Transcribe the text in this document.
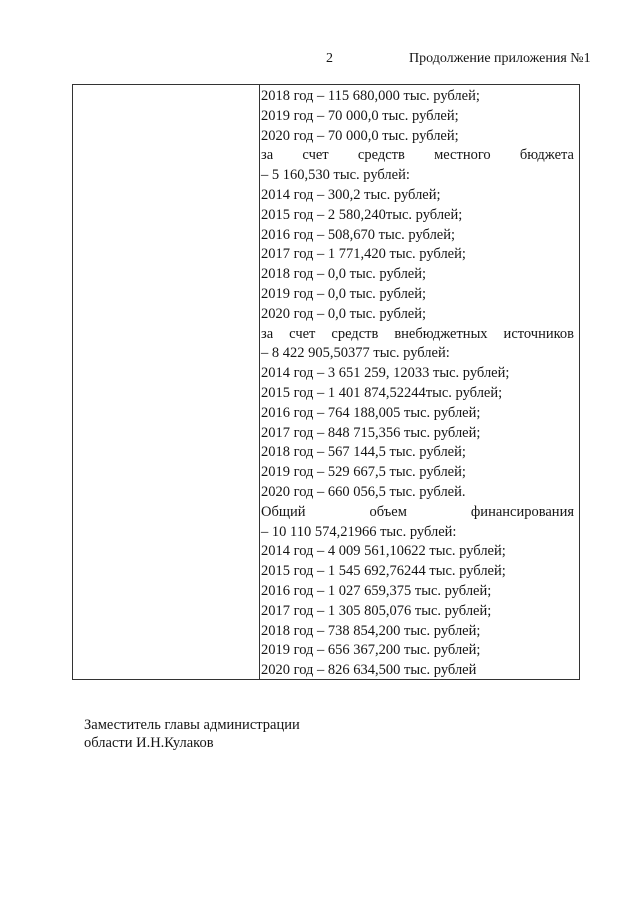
2	Продолжение приложения №1
2018 год – 115 680,000 тыс. рублей;
2019 год – 70 000,0 тыс. рублей;
2020 год – 70 000,0 тыс. рублей;
за счет средств местного бюджета
– 5 160,530 тыс. рублей:
2014 год – 300,2 тыс. рублей;
2015 год – 2 580,240тыс. рублей;
2016 год – 508,670 тыс. рублей;
2017 год – 1 771,420 тыс. рублей;
2018 год – 0,0 тыс. рублей;
2019 год – 0,0 тыс. рублей;
2020 год – 0,0 тыс. рублей;
за счет средств внебюджетных источников
– 8 422 905,50377 тыс. рублей:
2014 год – 3 651 259, 12033 тыс. рублей;
2015 год – 1 401 874,52244тыс. рублей;
2016 год – 764 188,005 тыс. рублей;
2017 год – 848 715,356 тыс. рублей;
2018 год – 567 144,5 тыс. рублей;
2019 год – 529 667,5 тыс. рублей;
2020 год – 660 056,5 тыс. рублей.
Общий объем финансирования
– 10 110 574,21966 тыс. рублей:
2014 год – 4 009 561,10622 тыс. рублей;
2015 год – 1 545 692,76244 тыс. рублей;
2016 год – 1 027 659,375 тыс. рублей;
2017 год – 1 305 805,076 тыс. рублей;
2018 год – 738 854,200 тыс. рублей;
2019 год – 656 367,200 тыс. рублей;
2020 год – 826 634,500 тыс. рублей
Заместитель главы администрации
области И.Н.Кулаков
